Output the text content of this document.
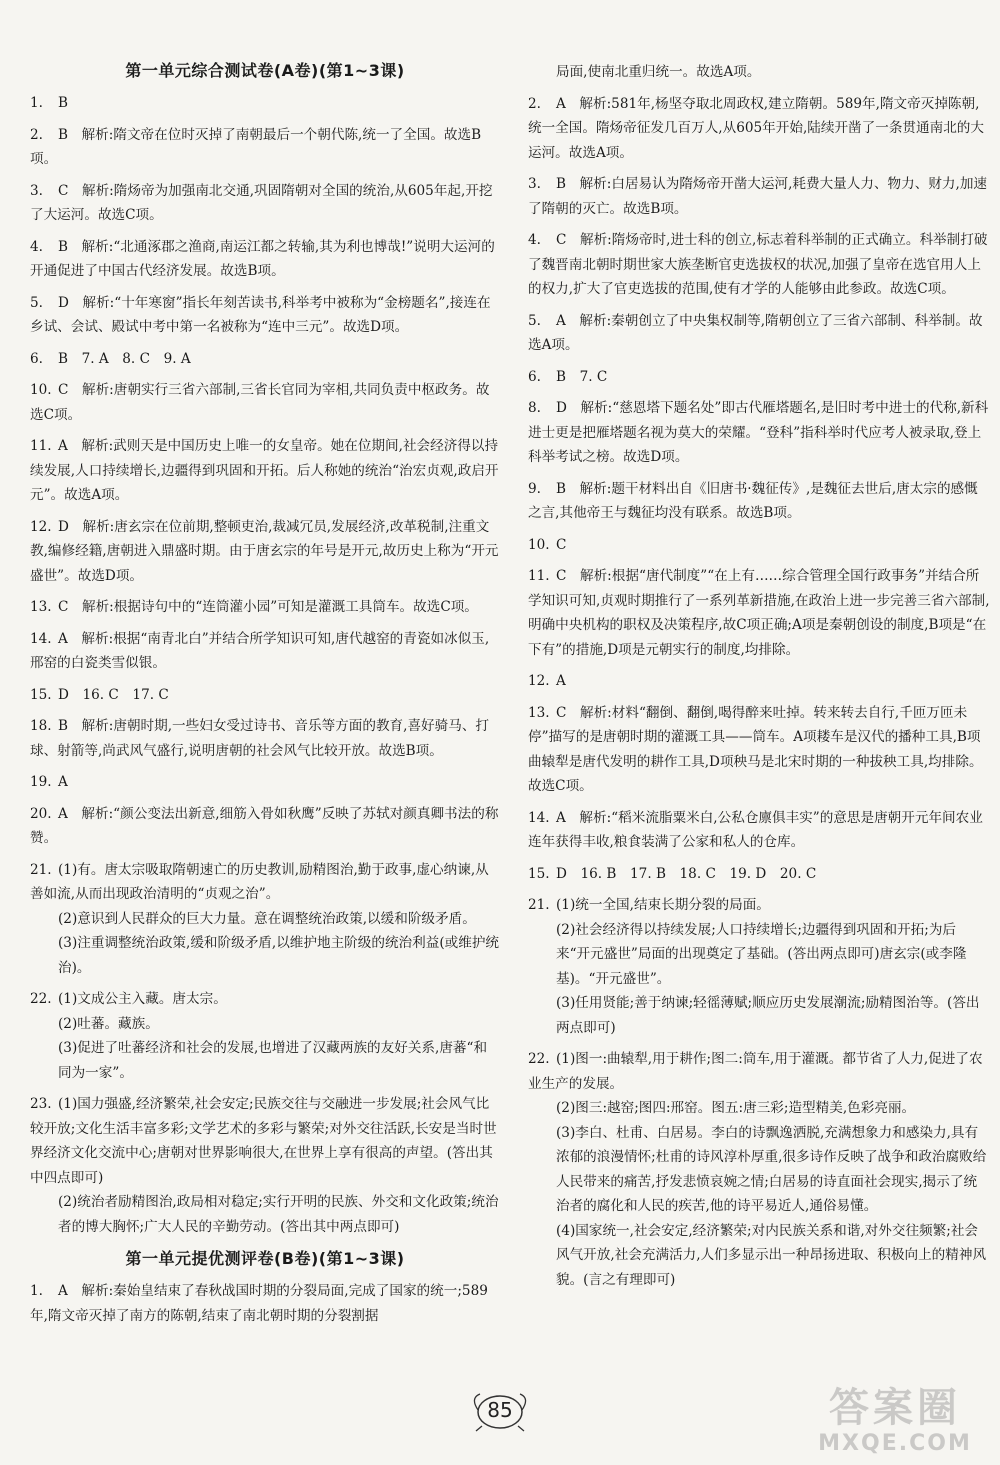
第一单元综合测试卷(A卷)(第1~3课)
1. B
2. B　解析:隋文帝在位时灭掉了南朝最后一个朝代陈,统一了全国。故选B项。
3. C　解析:隋炀帝为加强南北交通,巩固隋朝对全国的统治,从605年起,开挖了大运河。故选C项。
4. B　解析:“北通涿郡之渔商,南运江都之转输,其为利也博哉!”说明大运河的开通促进了中国古代经济发展。故选B项。
5. D　解析:“十年寒窗”指长年刻苦读书,科举考中被称为“金榜题名”,接连在乡试、会试、殿试中考中第一名被称为“连中三元”。故选D项。
6. B　7. A　8. C　9. A
10. C　解析:唐朝实行三省六部制,三省长官同为宰相,共同负责中枢政务。故选C项。
11. A　解析:武则天是中国历史上唯一的女皇帝。她在位期间,社会经济得以持续发展,人口持续增长,边疆得到巩固和开拓。后人称她的统治“治宏贞观,政启开元”。故选A项。
12. D　解析:唐玄宗在位前期,整顿吏治,裁减冗员,发展经济,改革税制,注重文教,编修经籍,唐朝进入鼎盛时期。由于唐玄宗的年号是开元,故历史上称为“开元盛世”。故选D项。
13. C　解析:根据诗句中的“连筒灌小园”可知是灌溉工具筒车。故选C项。
14. A　解析:根据“南青北白”并结合所学知识可知,唐代越窑的青瓷如冰似玉,邢窑的白瓷类雪似银。
15. D　16. C　17. C
18. B　解析:唐朝时期,一些妇女受过诗书、音乐等方面的教育,喜好骑马、打球、射箭等,尚武风气盛行,说明唐朝的社会风气比较开放。故选B项。
19. A
20. A　解析:“颜公变法出新意,细筋入骨如秋鹰”反映了苏轼对颜真卿书法的称赞。
21. (1)有。唐太宗吸取隋朝速亡的历史教训,励精图治,勤于政事,虚心纳谏,从善如流,从而出现政治清明的“贞观之治”。
(2)意识到人民群众的巨大力量。意在调整统治政策,以缓和阶级矛盾。
(3)注重调整统治政策,缓和阶级矛盾,以维护地主阶级的统治利益(或维护统治)。
22. (1)文成公主入藏。唐太宗。
(2)吐蕃。藏族。
(3)促进了吐蕃经济和社会的发展,也增进了汉藏两族的友好关系,唐蕃“和同为一家”。
23. (1)国力强盛,经济繁荣,社会安定;民族交往与交融进一步发展;社会风气比较开放;文化生活丰富多彩;文学艺术的多彩与繁荣;对外交往活跃,长安是当时世界经济文化交流中心;唐朝对世界影响很大,在世界上享有很高的声望。(答出其中四点即可)
(2)统治者励精图治,政局相对稳定;实行开明的民族、外交和文化政策;统治者的博大胸怀;广大人民的辛勤劳动。(答出其中两点即可)
第一单元提优测评卷(B卷)(第1~3课)
1. A　解析:秦始皇结束了春秋战国时期的分裂局面,完成了国家的统一;589年,隋文帝灭掉了南方的陈朝,结束了南北朝时期的分裂割据
局面,使南北重归统一。故选A项。
2. A　解析:581年,杨坚夺取北周政权,建立隋朝。589年,隋文帝灭掉陈朝,统一全国。隋炀帝征发几百万人,从605年开始,陆续开凿了一条贯通南北的大运河。故选A项。
3. B　解析:白居易认为隋炀帝开凿大运河,耗费大量人力、物力、财力,加速了隋朝的灭亡。故选B项。
4. C　解析:隋炀帝时,进士科的创立,标志着科举制的正式确立。科举制打破了魏晋南北朝时期世家大族垄断官吏选拔权的状况,加强了皇帝在选官用人上的权力,扩大了官吏选拔的范围,使有才学的人能够由此参政。故选C项。
5. A　解析:秦朝创立了中央集权制等,隋朝创立了三省六部制、科举制。故选A项。
6. B　7. C
8. D　解析:“慈恩塔下题名处”即古代雁塔题名,是旧时考中进士的代称,新科进士更是把雁塔题名视为莫大的荣耀。“登科”指科举时代应考人被录取,登上科举考试之榜。故选D项。
9. B　解析:题干材料出自《旧唐书·魏征传》,是魏征去世后,唐太宗的感慨之言,其他帝王与魏征均没有联系。故选B项。
10. C
11. C　解析:根据“唐代制度”“在上有……综合管理全国行政事务”并结合所学知识可知,贞观时期推行了一系列革新措施,在政治上进一步完善三省六部制,明确中央机构的职权及决策程序,故C项正确;A项是秦朝创设的制度,B项是“在下有”的措施,D项是元朝实行的制度,均排除。
12. A
13. C　解析:材料“翻倒、翻倒,喝得醉来吐掉。转来转去自行,千匝万匝未停”描写的是唐朝时期的灌溉工具——筒车。A项耧车是汉代的播种工具,B项曲辕犁是唐代发明的耕作工具,D项秧马是北宋时期的一种拔秧工具,均排除。故选C项。
14. A　解析:“稻米流脂粟米白,公私仓廪俱丰实”的意思是唐朝开元年间农业连年获得丰收,粮食装满了公家和私人的仓库。
15. D　16. B　17. B　18. C　19. D　20. C
21. (1)统一全国,结束长期分裂的局面。
(2)社会经济得以持续发展;人口持续增长;边疆得到巩固和开拓;为后来“开元盛世”局面的出现奠定了基础。(答出两点即可)唐玄宗(或李隆基)。“开元盛世”。
(3)任用贤能;善于纳谏;轻徭薄赋;顺应历史发展潮流;励精图治等。(答出两点即可)
22. (1)图一:曲辕犁,用于耕作;图二:筒车,用于灌溉。都节省了人力,促进了农业生产的发展。
(2)图三:越窑;图四:邢窑。图五:唐三彩;造型精美,色彩亮丽。
(3)李白、杜甫、白居易。李白的诗飘逸洒脱,充满想象力和感染力,具有浓郁的浪漫情怀;杜甫的诗风淳朴厚重,很多诗作反映了战争和政治腐败给人民带来的痛苦,抒发悲愤哀婉之情;白居易的诗直面社会现实,揭示了统治者的腐化和人民的疾苦,他的诗平易近人,通俗易懂。
(4)国家统一,社会安定,经济繁荣;对内民族关系和谐,对外交往频繁;社会风气开放,社会充满活力,人们多显示出一种昂扬进取、积极向上的精神风貌。(言之有理即可)
85	答案圈
MXQE.COM
